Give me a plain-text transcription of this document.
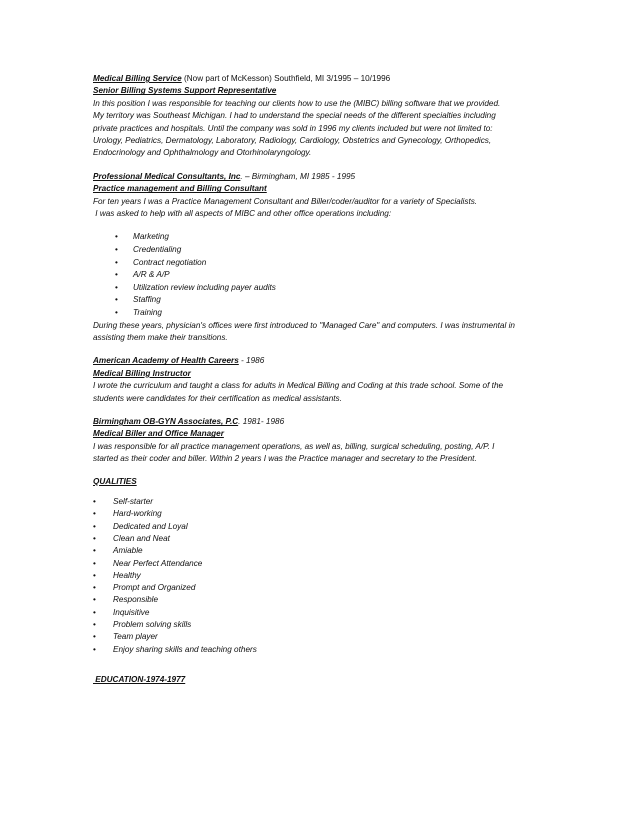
Medical Billing Service (Now part of McKesson) Southfield, MI 3/1995 – 10/1996
Senior Billing Systems Support Representative
In this position I was responsible for teaching our clients how to use the (MIBC) billing software that we provided.
My territory was Southeast Michigan. I had to understand the special needs of the different specialties including
private practices and hospitals. Until the company was sold in 1996 my clients included but were not limited to:
Urology, Pediatrics, Dermatology, Laboratory, Radiology, Cardiology, Obstetrics and Gynecology, Orthopedics,
Endocrinology and Ophthalmology and Otorhinolaryngology.
Professional Medical Consultants, Inc. – Birmingham, MI 1985 - 1995
Practice management and Billing Consultant
For ten years I was a Practice Management Consultant and Biller/coder/auditor for a variety of Specialists.
I was asked to help with all aspects of MIBC and other office operations including:
• Marketing
• Credentialing
• Contract negotiation
• A/R & A/P
• Utilization review including payer audits
• Staffing
• Training
During these years, physician's offices were first introduced to "Managed Care" and computers. I was instrumental in
assisting them make their transitions.
American Academy of Health Careers - 1986
Medical Billing Instructor
I wrote the curriculum and taught a class for adults in Medical Billing and Coding at this trade school. Some of the
students were candidates for their certification as medical assistants.
Birmingham OB-GYN Associates, P.C. 1981- 1986
Medical Biller and Office Manager
I was responsible for all practice management operations, as well as, billing, surgical scheduling, posting, A/P. I
started as their coder and biller. Within 2 years I was the Practice manager and secretary to the President.
QUALITIES
• Self-starter
• Hard-working
• Dedicated and Loyal
• Clean and Neat
• Amiable
• Near Perfect Attendance
• Healthy
• Prompt and Organized
• Responsible
• Inquisitive
• Problem solving skills
• Team player
• Enjoy sharing skills and teaching others
EDUCATION-1974-1977
